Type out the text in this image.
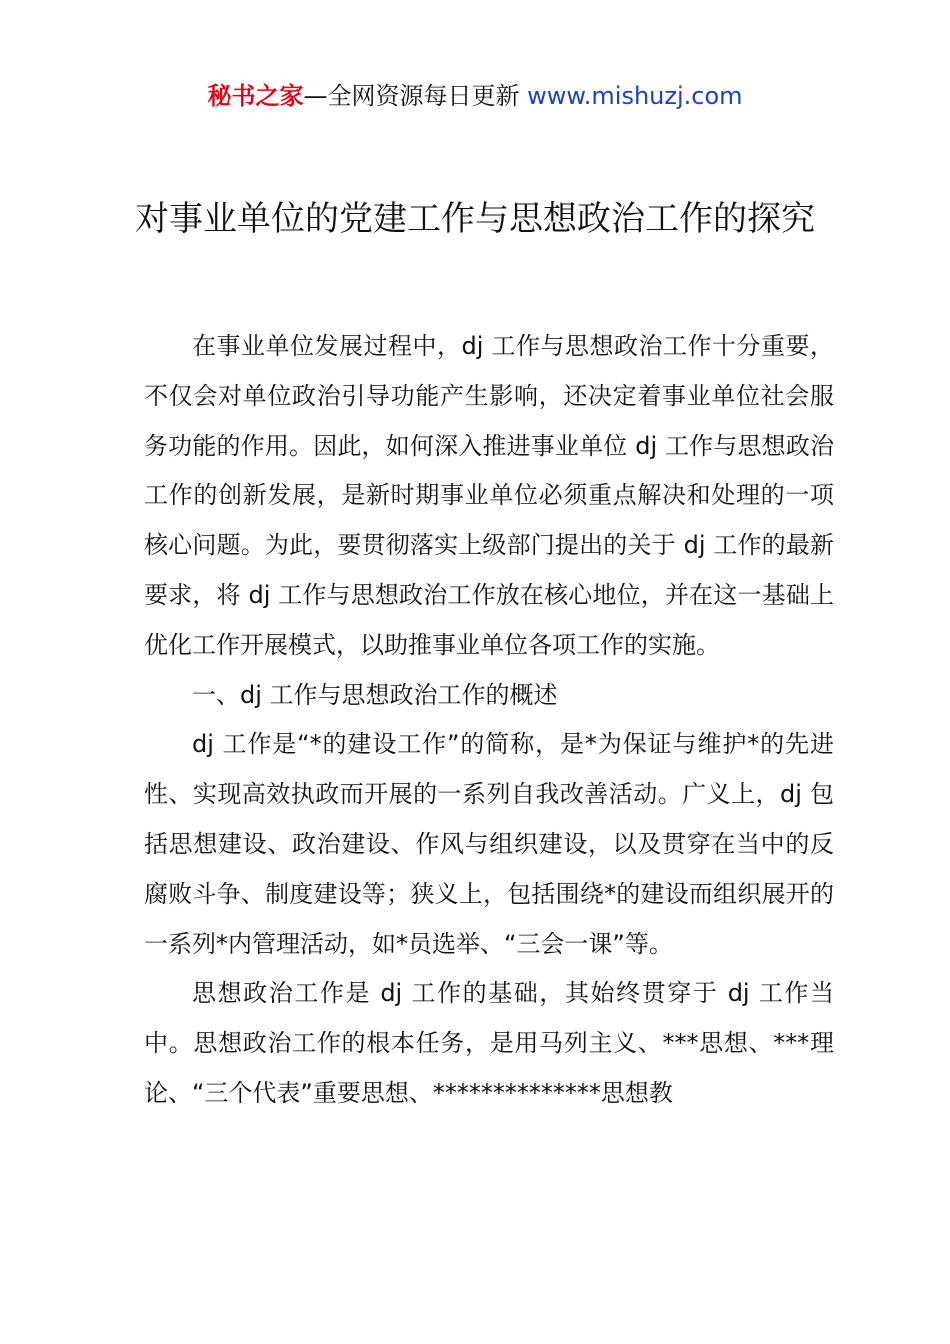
秘书之家—全网资源每日更新 www.mishuzj.com
对事业单位的党建工作与思想政治工作的探究

在事业单位发展过程中，dj 工作与思想政治工作十分重要，不仅会对单位政治引导功能产生影响，还决定着事业单位社会服务功能的作用。因此，如何深入推进事业单位 dj 工作与思想政治工作的创新发展，是新时期事业单位必须重点解决和处理的一项核心问题。为此，要贯彻落实上级部门提出的关于 dj 工作的最新要求，将 dj 工作与思想政治工作放在核心地位，并在这一基础上优化工作开展模式，以助推事业单位各项工作的实施。

一、dj 工作与思想政治工作的概述

dj 工作是“*的建设工作”的简称，是*为保证与维护*的先进性、实现高效执政而开展的一系列自我改善活动。广义上，dj 包括思想建设、政治建设、作风与组织建设，以及贯穿在当中的反腐败斗争、制度建设等；狭义上，包括围绕*的建设而组织展开的一系列*内管理活动，如*员选举、“三会一课”等。

思想政治工作是 dj 工作的基础，其始终贯穿于 dj 工作当中。思想政治工作的根本任务，是用马列主义、***思想、***理论、“三个代表”重要思想、**************思想教
